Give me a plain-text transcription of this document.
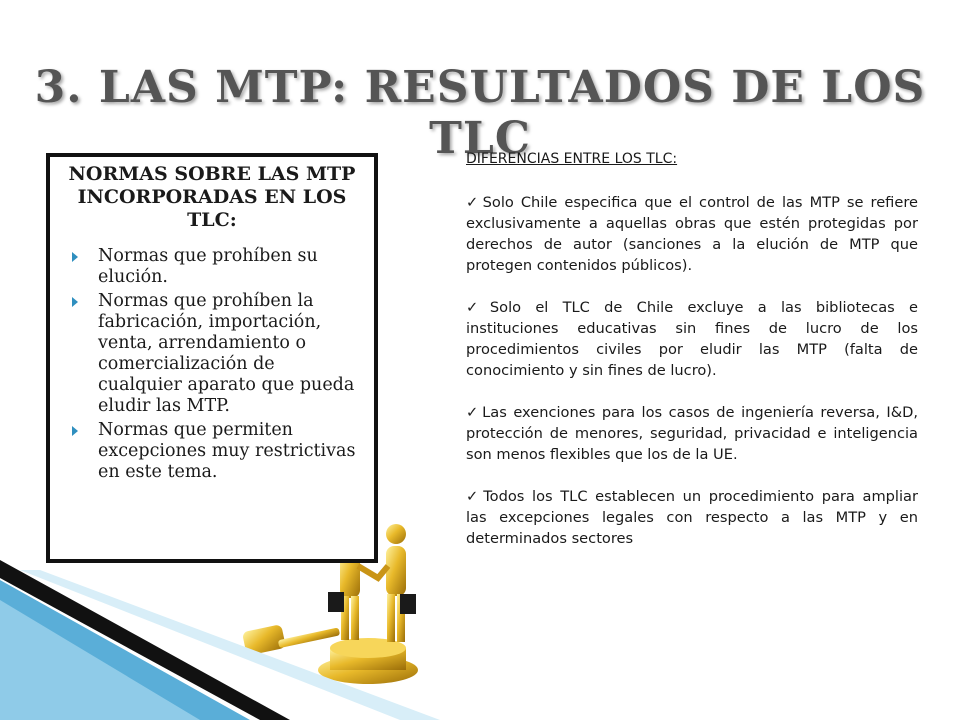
3. LAS MTP: RESULTADOS DE LOS TLC
NORMAS SOBRE LAS MTP INCORPORADAS EN LOS TLC:
Normas que prohíben su elución.
Normas que prohíben la fabricación, importación, venta, arrendamiento o comercialización de cualquier aparato que pueda eludir las MTP.
Normas que permiten excepciones muy restrictivas en este tema.
DIFERENCIAS ENTRE LOS TLC:

✓ Solo Chile especifica que el control de las MTP se refiere exclusivamente a aquellas obras que estén protegidas por derechos de autor (sanciones a la elución de MTP que protegen contenidos públicos).

✓ Solo el TLC de Chile excluye a las bibliotecas e instituciones educativas sin fines de lucro de los procedimientos civiles por eludir las MTP (falta de conocimiento y sin fines de lucro).

✓ Las exenciones para los casos de ingeniería reversa, I&D, protección de menores, seguridad, privacidad e inteligencia son menos flexibles que los de la UE.

✓ Todos los TLC establecen un procedimiento para ampliar las excepciones legales con respecto a las MTP y en determinados sectores
